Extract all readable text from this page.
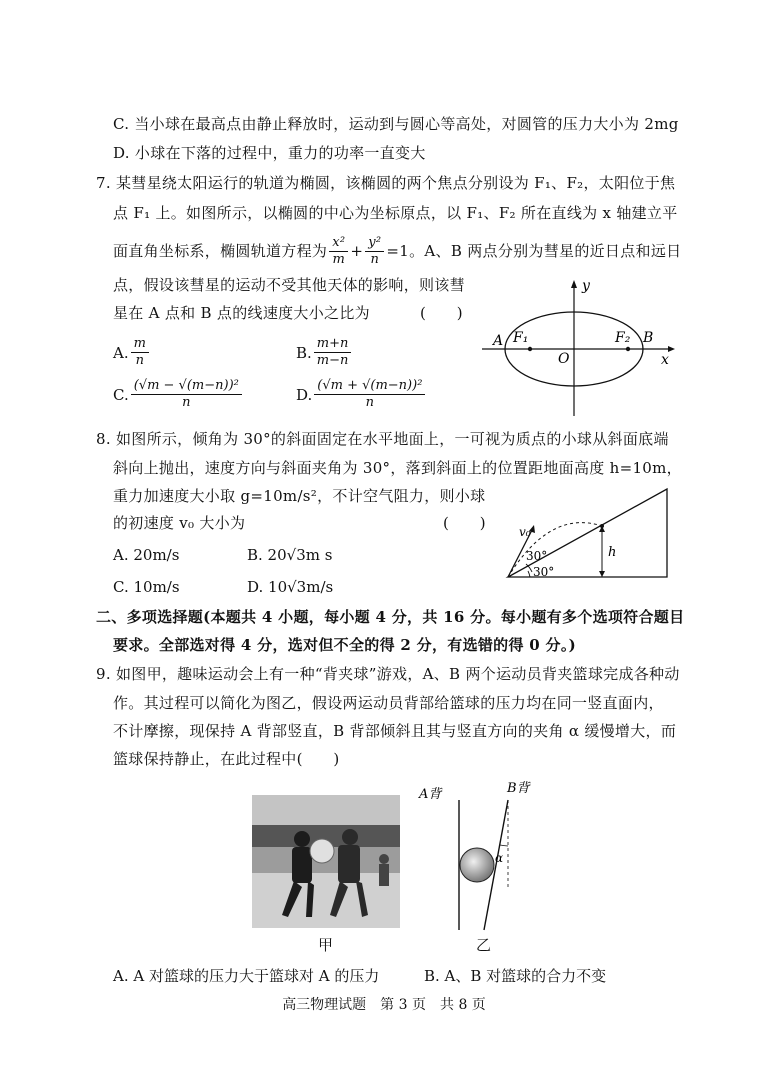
C. 当小球在最高点由静止释放时，运动到与圆心等高处，对圆管的压力大小为 2mg
D. 小球在下落的过程中，重力的功率一直变大
7. 某彗星绕太阳运行的轨道为椭圆，该椭圆的两个焦点分别设为 F₁、F₂，太阳位于焦
点 F₁ 上。如图所示，以椭圆的中心为坐标原点，以 F₁、F₂ 所在直线为 x 轴建立平
面直角坐标系，椭圆轨道方程为 $\frac{\text{x²}}{m} + \frac{\text{y²}}{n} =1$。A、B 两点分别为彗星的近日点和远日
点，假设该彗星的运动不受其他天体的影响，则该彗
星在 A 点和 B 点的线速度大小之比为	(　　)
A. $\frac{m}{n}$	B. $\frac{m+n}{m-n}$
C. $\frac{\text{(√m − √(m−n))²}}{n}$	D. $\frac{\text{(√m + √(m−n))²}}{n}$
y
x
A F₁
O
F₂ B
8. 如图所示，倾角为 30°的斜面固定在水平地面上，一可视为质点的小球从斜面底端
斜向上抛出，速度方向与斜面夹角为 30°，落到斜面上的位置距地面高度 h=10m，
重力加速度大小取 g=10m/s²，不计空气阻力，则小球
的初速度 v₀ 大小为	(　　)
A. 20m/s	B. 20√3m s
C. 10m/s	D. 10√3m/s
v₀
30°
30°
h
二、多项选择题(本题共 4 小题，每小题 4 分，共 16 分。每小题有多个选项符合题目
要求。全部选对得 4 分，选对但不全的得 2 分，有选错的得 0 分。)
9. 如图甲，趣味运动会上有一种“背夹球”游戏，A、B 两个运动员背夹篮球完成各种动
作。其过程可以简化为图乙，假设两运动员背部给篮球的压力均在同一竖直面内，
不计摩擦，现保持 A 背部竖直，B 背部倾斜且其与竖直方向的夹角 α 缓慢增大，而
篮球保持静止，在此过程中(　　)
甲
A背	B背
α
乙
A. A 对篮球的压力大于篮球对 A 的压力	B. A、B 对篮球的合力不变
高三物理试题　第 3 页　共 8 页
